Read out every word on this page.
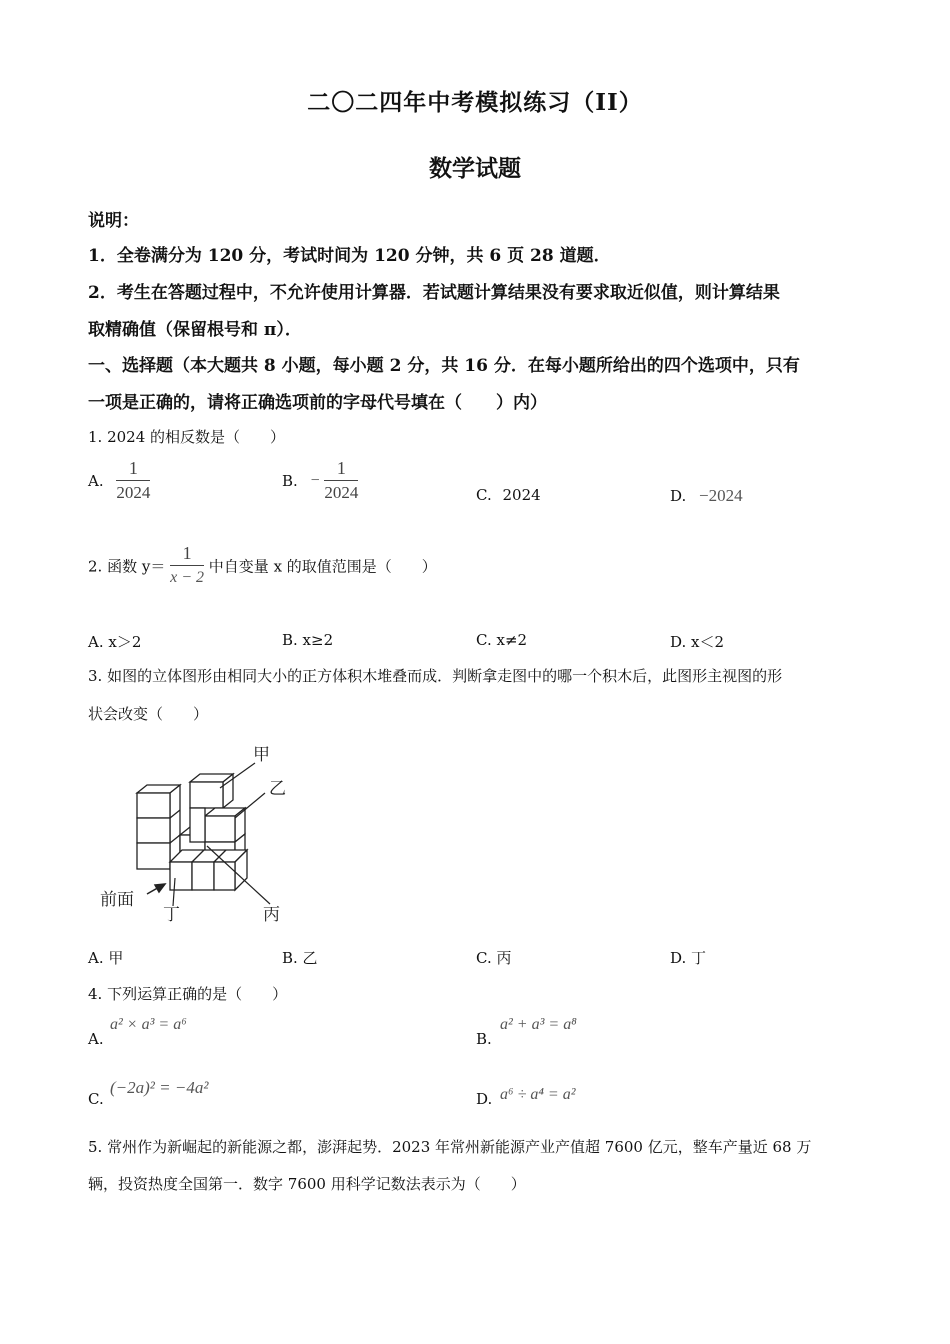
二〇二四年中考模拟练习（II）
数学试题
说明：
1．全卷满分为 120 分，考试时间为 120 分钟，共 6 页 28 道题．
2．考生在答题过程中，不允许使用计算器．若试题计算结果没有要求取近似值，则计算结果
取精确值（保留根号和 π）．
一、选择题（本大题共 8 小题，每小题 2 分，共 16 分．在每小题所给出的四个选项中，只有
一项是正确的，请将正确选项前的字母代号填在（　　）内）
1. 2024 的相反数是（　　）
A. $\frac{1}{2024}$	B. − $\frac{1}{2024}$	C. 2024	D. −2024
2. 函数 $y= \frac{1}{x - 2}$ 中自变量 x 的取值范围是（　　）
A. x＞2	B. x≥2	C. x≠2	D. x＜2
3. 如图的立体图形由相同大小的正方体积木堆叠而成．判断拿走图中的哪一个积木后，此图形主视图的形
状会改变（　　）
甲
乙
丙
丁
前面
A. 甲	B. 乙	C. 丙	D. 丁
4. 下列运算正确的是（　　）
A.
a² × a³ = a⁶
B.
a² + a³ = a⁸
C.
(−2a)² = −4a²
D. a⁶ ÷ a⁴ = a²
5. 常州作为新崛起的新能源之都，澎湃起势．2023 年常州新能源产业产值超 7600 亿元，整车产量近 68 万
辆，投资热度全国第一．数字 7600 用科学记数法表示为（　　）
